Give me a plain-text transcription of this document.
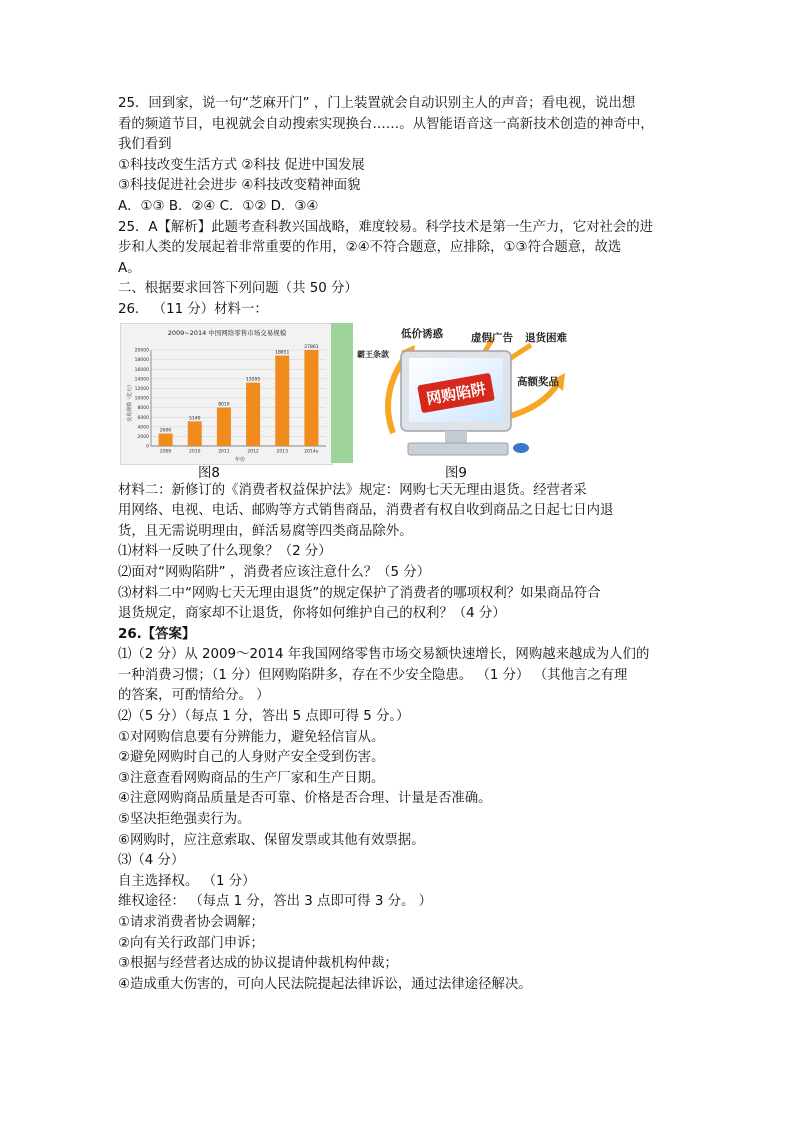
25．回到家，说一句“芝麻开门” ，门上装置就会自动识别主人的声音；看电视，说出想
看的频道节目，电视就会自动搜索实现换台……。从智能语音这一高新技术创造的神奇中，
我们看到
①科技改变生活方式 ②科技 促进中国发展
③科技促进社会进步 ④科技改变精神面貌
A．①③ B．②④ C．①② D．③④
25．A【解析】此题考查科教兴国战略，难度较易。科学技术是第一生产力，它对社会的进
步和人类的发展起着非常重要的作用，②④不符合题意，应排除，①③符合题意，故选
A。
二、根据要求回答下列问题（共 50 分）
26． （11 分）材料一：
2009~2014 中国网络零售市场交易规模
交易规模（亿元）
年份
0
2000
4000
6000
8000
10000
12000
14000
16000
18000
20000
2600
2009
5140
2010
8019
2011
13205
2012
18851
2013
27861
2014e
网购陷阱
低价诱惑	虚假广告 退货困难
霸王条款
高额奖品
图8	图9
材料二：新修订的《消费者权益保护法》规定：网购七天无理由退货。经营者采
用网络、电视、电话、邮购等方式销售商品，消费者有权自收到商品之日起七日内退
货，且无需说明理由，鲜活易腐等四类商品除外。
⑴材料一反映了什么现象？（2 分）
⑵面对“网购陷阱” ，消费者应该注意什么？（5 分）
⑶材料二中“网购七天无理由退货”的规定保护了消费者的哪项权利？如果商品符合
退货规定，商家却不让退货，你将如何维护自己的权利？（4 分）
26.【答案】
⑴（2 分）从 2009～2014 年我国网络零售市场交易额快速增长，网购越来越成为人们的
一种消费习惯；（1 分）但网购陷阱多，存在不少安全隐患。 （1 分） （其他言之有理
的答案，可酌情给分。 ）
⑵（5 分）（每点 1 分，答出 5 点即可得 5 分。）
①对网购信息要有分辨能力，避免轻信盲从。
②避免网购时自己的人身财产安全受到伤害。
③注意查看网购商品的生产厂家和生产日期。
④注意网购商品质量是否可靠、价格是否合理、计量是否准确。
⑤坚决拒绝强卖行为。
⑥网购时，应注意索取、保留发票或其他有效票据。
⑶（4 分）
自主选择权。 （1 分）
维权途径： （每点 1 分，答出 3 点即可得 3 分。 ）
①请求消费者协会调解；
②向有关行政部门申诉；
③根据与经营者达成的协议提请仲裁机构仲裁；
④造成重大伤害的，可向人民法院提起法律诉讼，通过法律途径解决。
